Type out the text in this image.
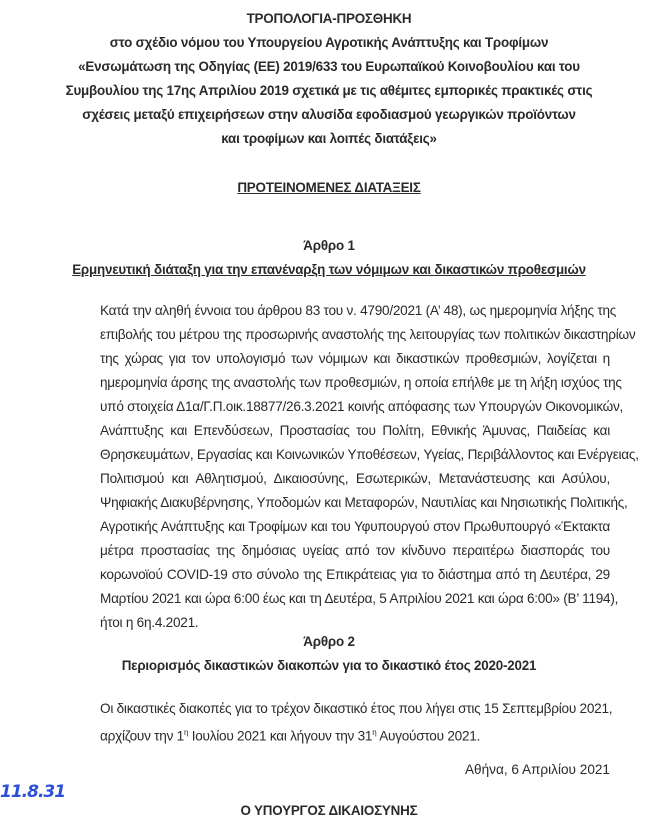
ΤΡΟΠΟΛΟΓΙΑ-ΠΡΟΣΘΗΚΗ
στο σχέδιο νόμου του Υπουργείου Αγροτικής Ανάπτυξης και Τροφίμων
«Ενσωμάτωση της Οδηγίας (ΕΕ) 2019/633 του Ευρωπαϊκού Κοινοβουλίου και του
Συμβουλίου της 17ης Απριλίου 2019 σχετικά με τις αθέμιτες εμπορικές πρακτικές στις
σχέσεις μεταξύ επιχειρήσεων στην αλυσίδα εφοδιασμού γεωργικών προϊόντων
και τροφίμων και λοιπές διατάξεις»
ΠΡΟΤΕΙΝΟΜΕΝΕΣ ΔΙΑΤΑΞΕΙΣ
Άρθρο 1
Ερμηνευτική διάταξη για την επανέναρξη των νόμιμων και δικαστικών προθεσμιών
Κατά την αληθή έννοια του άρθρου 83 του ν. 4790/2021 (Α’ 48), ως ημερομηνία λήξης της
επιβολής του μέτρου της προσωρινής αναστολής της λειτουργίας των πολιτικών δικαστηρίων
της χώρας για τον υπολογισμό των νόμιμων και δικαστικών προθεσμιών, λογίζεται η
ημερομηνία άρσης της αναστολής των προθεσμιών, η οποία επήλθε με τη λήξη ισχύος της
υπό στοιχεία Δ1α/Γ.Π.οικ.18877/26.3.2021 κοινής απόφασης των Υπουργών Οικονομικών,
Ανάπτυξης και Επενδύσεων, Προστασίας του Πολίτη, Εθνικής Άμυνας, Παιδείας και
Θρησκευμάτων, Εργασίας και Κοινωνικών Υποθέσεων, Υγείας, Περιβάλλοντος και Ενέργειας,
Πολιτισμού και Αθλητισμού, Δικαιοσύνης, Εσωτερικών, Μετανάστευσης και Ασύλου,
Ψηφιακής Διακυβέρνησης, Υποδομών και Μεταφορών, Ναυτιλίας και Νησιωτικής Πολιτικής,
Αγροτικής Ανάπτυξης και Τροφίμων και του Υφυπουργού στον Πρωθυπουργό «Έκτακτα
μέτρα προστασίας της δημόσιας υγείας από τον κίνδυνο περαιτέρω διασποράς του
κορωνοϊού COVID-19 στο σύνολο της Επικράτειας για το διάστημα από τη Δευτέρα, 29
Μαρτίου 2021 και ώρα 6:00 έως και τη Δευτέρα, 5 Απριλίου 2021 και ώρα 6:00» (Β’ 1194),
ήτοι η 6η.4.2021.
Άρθρο 2
Περιορισμός δικαστικών διακοπών για το δικαστικό έτος 2020-2021
Οι δικαστικές διακοπές για το τρέχον δικαστικό έτος που λήγει στις 15 Σεπτεμβρίου 2021,
αρχίζουν την $1^\eta$ Ιουλίου 2021 και λήγουν την $31^\eta$ Αυγούστου 2021.
Αθήνα, 6 Απριλίου 2021
11.8.31
Ο ΥΠΟΥΡΓΟΣ ΔΙΚΑΙΟΣΥΝΗΣ
